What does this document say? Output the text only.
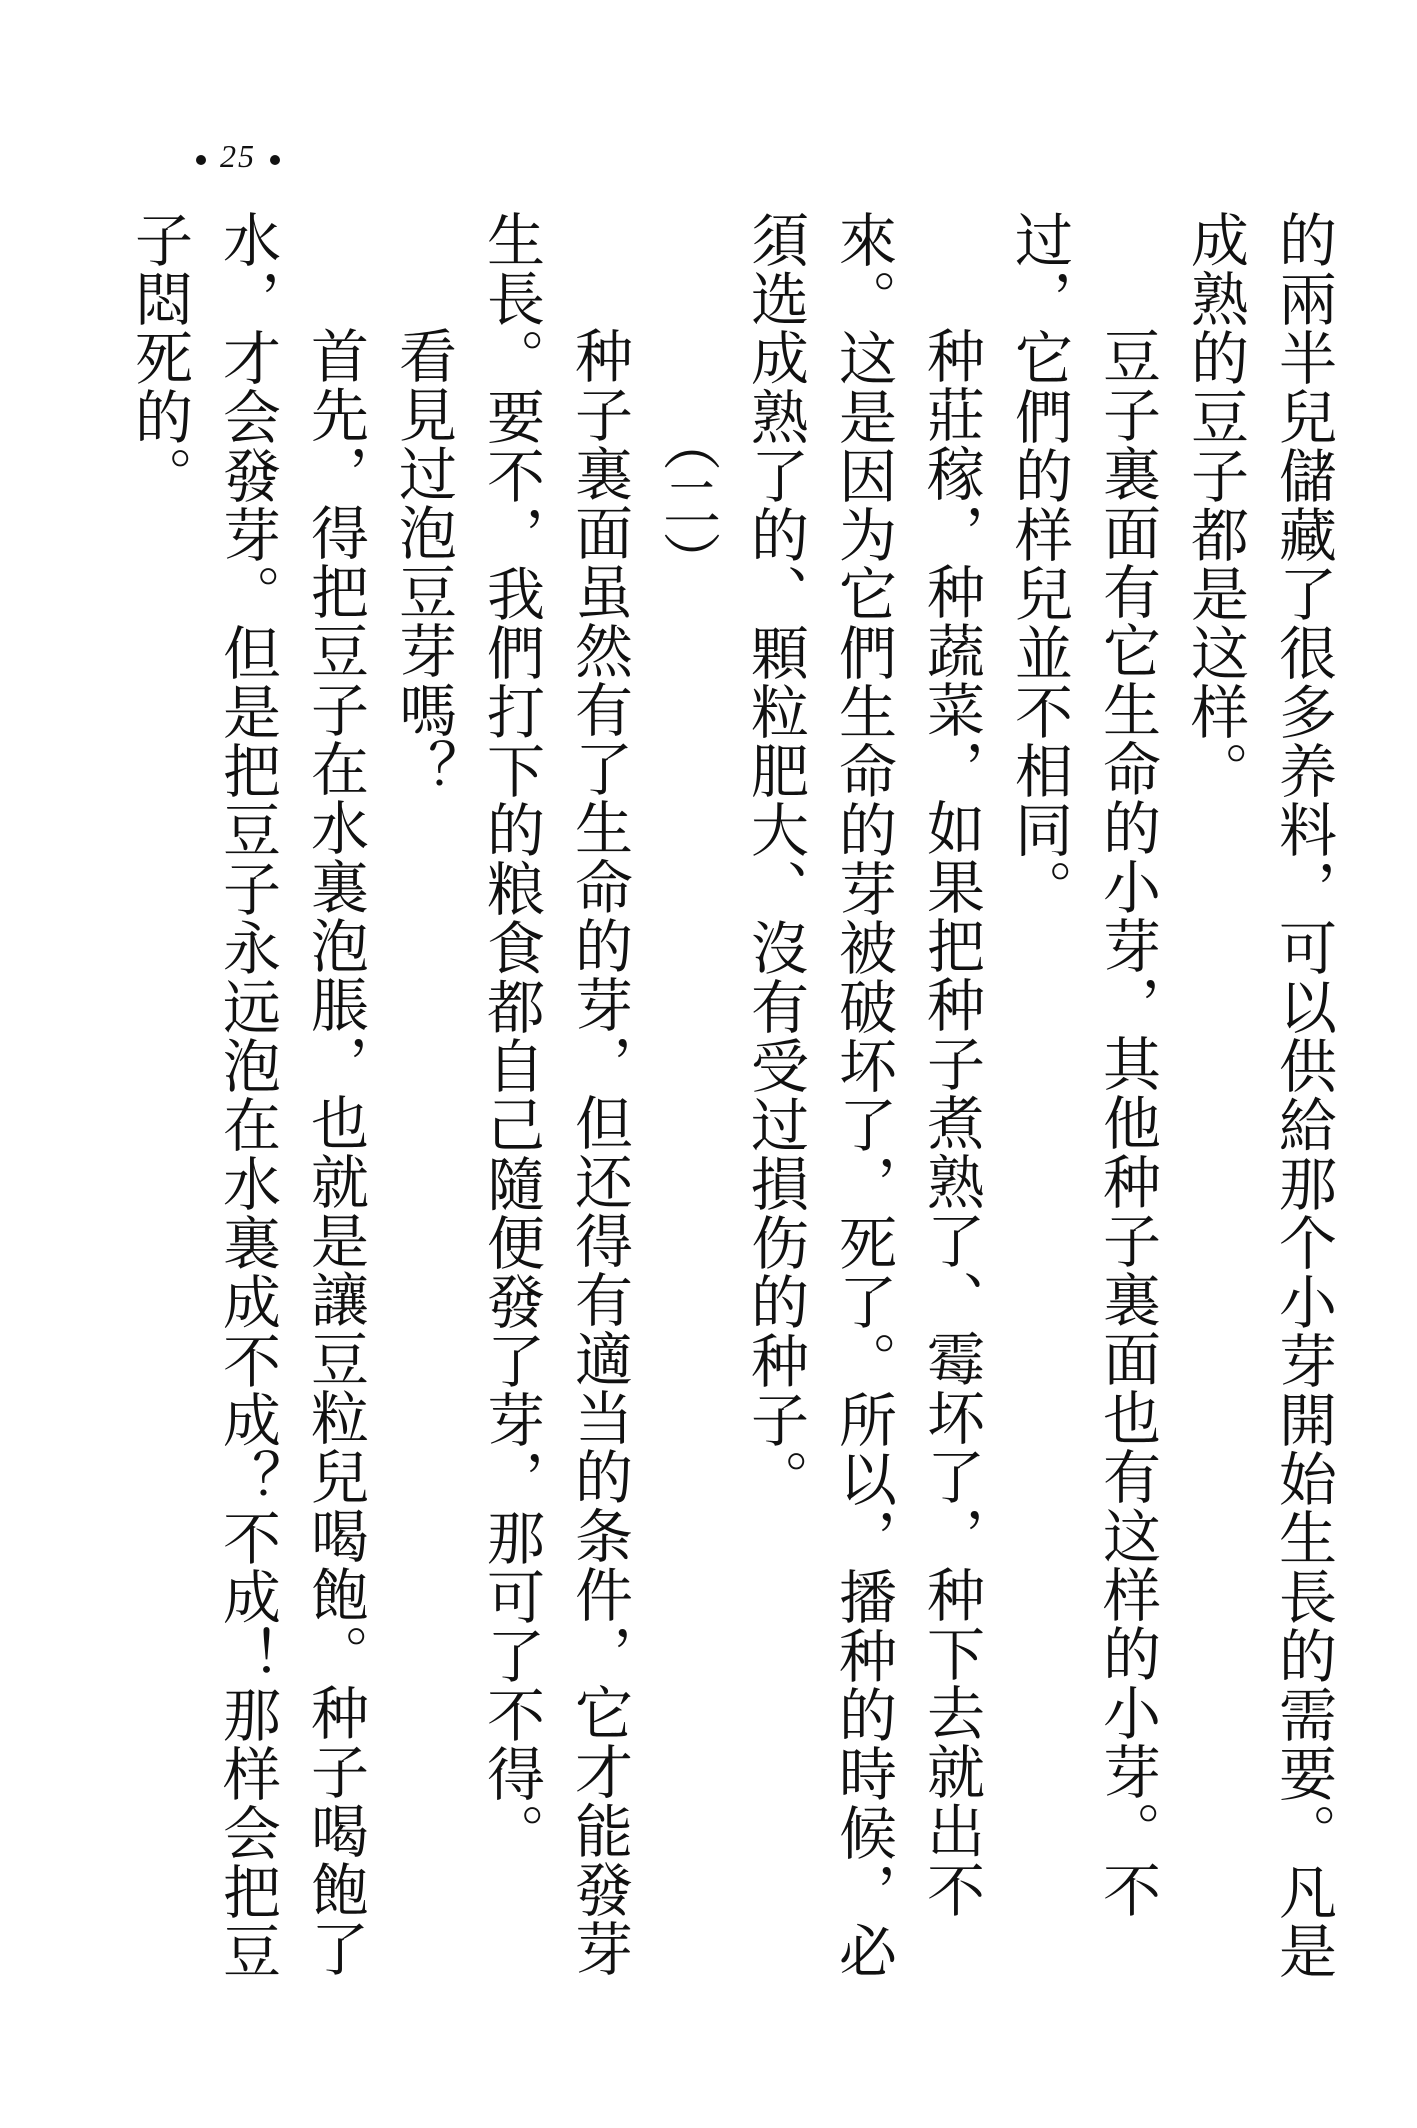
25

的兩半兒儲藏了很多养料，可以供給那个小芽開始生長的需要。凡是成熟的豆子都是这样。

豆子裏面有它生命的小芽，其他种子裏面也有这样的小芽。不过，它們的样兒並不相同。

种莊稼，种蔬菜，如果把种子煮熟了、霉坏了，种下去就出不來。这是因为它們生命的芽被破坏了，死了。所以，播种的時候，必須选成熟了的、顆粒肥大、沒有受过損伤的种子。

（二）

种子裏面虽然有了生命的芽，但还得有適当的条件，它才能發芽生長。要不，我們打下的粮食都自己隨便發了芽，那可了不得。

看見过泡豆芽嗎？

首先，得把豆子在水裏泡脹，也就是讓豆粒兒喝飽。种子喝飽了水，才会發芽。但是把豆子永远泡在水裏成不成？不成！那样会把豆子悶死的。
